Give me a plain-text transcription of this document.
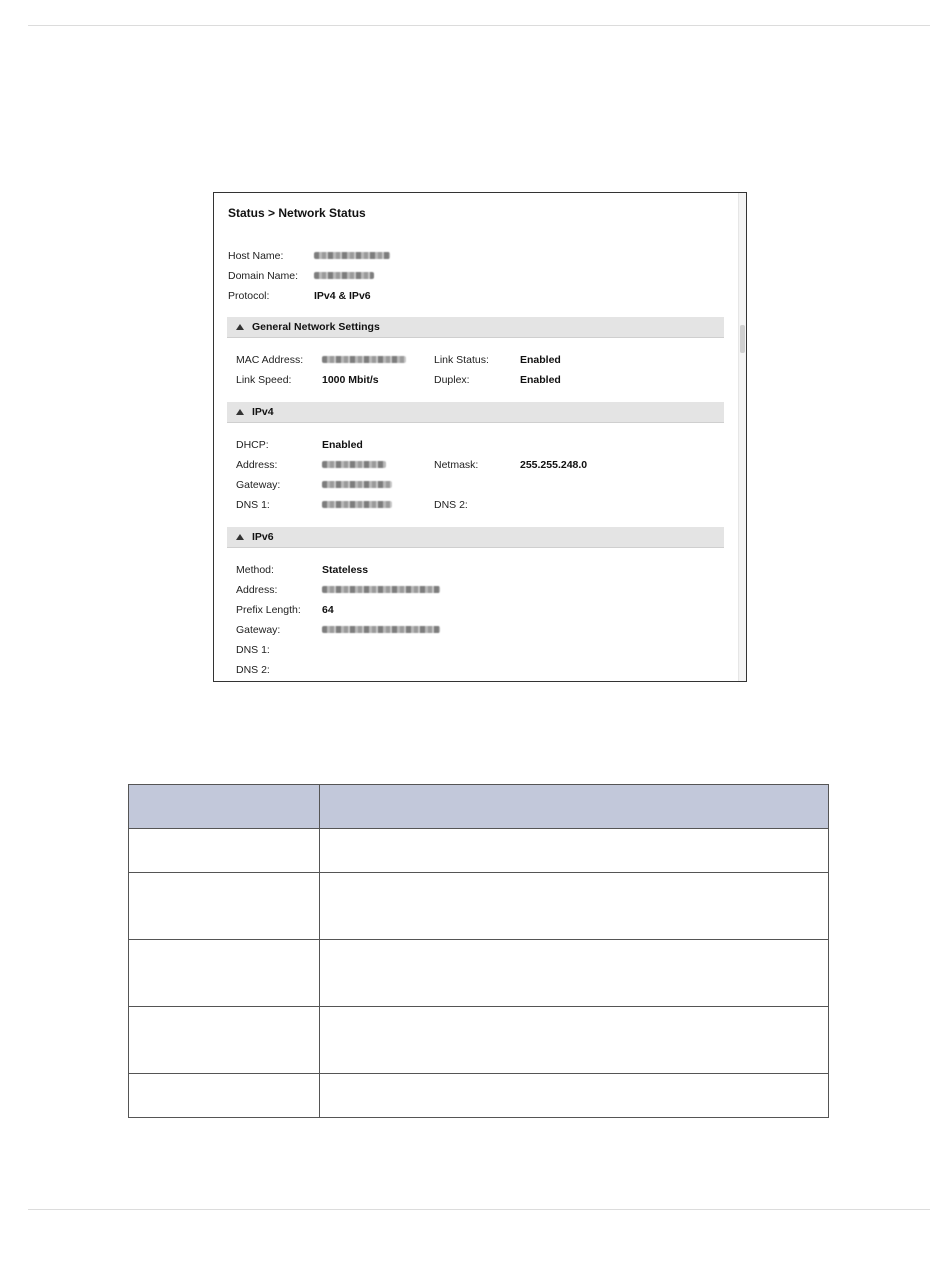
Status > Network Status
Host Name:
Domain Name:
Protocol:	IPv4 & IPv6
General Network Settings
MAC Address:	Link Status:	Enabled
Link Speed:	1000 Mbit/s	Duplex:	Enabled
IPv4
DHCP:	Enabled
Address:	Netmask:	255.255.248.0
Gateway:
DNS 1:	DNS 2:
IPv6
Method:	Stateless
Address:
Prefix Length: 64
Gateway:
DNS 1:
DNS 2:
